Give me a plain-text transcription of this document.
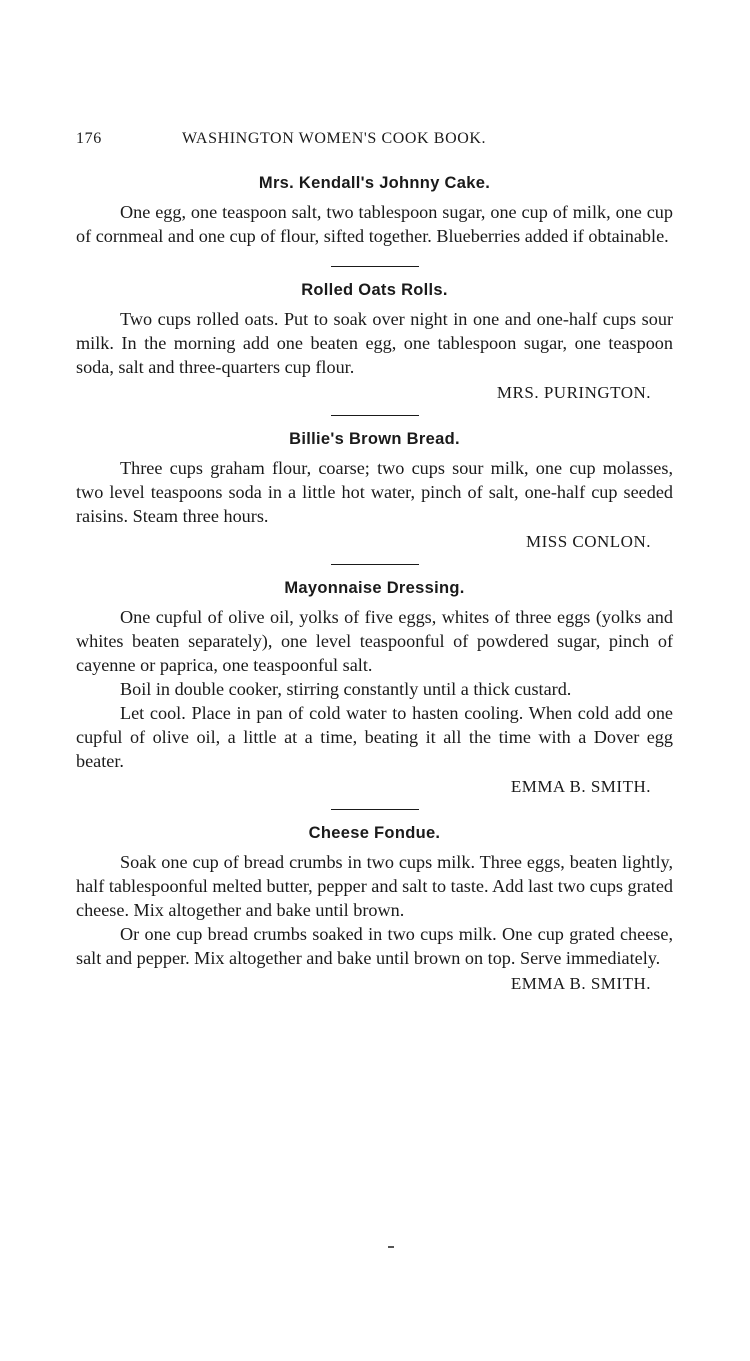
176	WASHINGTON WOMEN'S COOK BOOK.
Mrs. Kendall's Johnny Cake.

One egg, one teaspoon salt, two tablespoon sugar, one cup of milk, one cup of cornmeal and one cup of flour, sifted together. Blueberries added if obtainable.

Rolled Oats Rolls.

Two cups rolled oats. Put to soak over night in one and one-half cups sour milk. In the morning add one beaten egg, one tablespoon sugar, one teaspoon soda, salt and three-quarters cup flour.

MRS. PURINGTON.
Billie's Brown Bread.

Three cups graham flour, coarse; two cups sour milk, one cup molasses, two level teaspoons soda in a little hot water, pinch of salt, one-half cup seeded raisins. Steam three hours.

MISS CONLON.
Mayonnaise Dressing.

One cupful of olive oil, yolks of five eggs, whites of three eggs (yolks and whites beaten separately), one level teaspoonful of powdered sugar, pinch of cayenne or paprica, one teaspoonful salt.

Boil in double cooker, stirring constantly until a thick custard.

Let cool. Place in pan of cold water to hasten cooling. When cold add one cupful of olive oil, a little at a time, beating it all the time with a Dover egg beater.

EMMA B. SMITH.
Cheese Fondue.

Soak one cup of bread crumbs in two cups milk. Three eggs, beaten lightly, half tablespoonful melted butter, pepper and salt to taste. Add last two cups grated cheese. Mix altogether and bake until brown.

Or one cup bread crumbs soaked in two cups milk. One cup grated cheese, salt and pepper. Mix altogether and bake until brown on top. Serve immediately.

EMMA B. SMITH.
